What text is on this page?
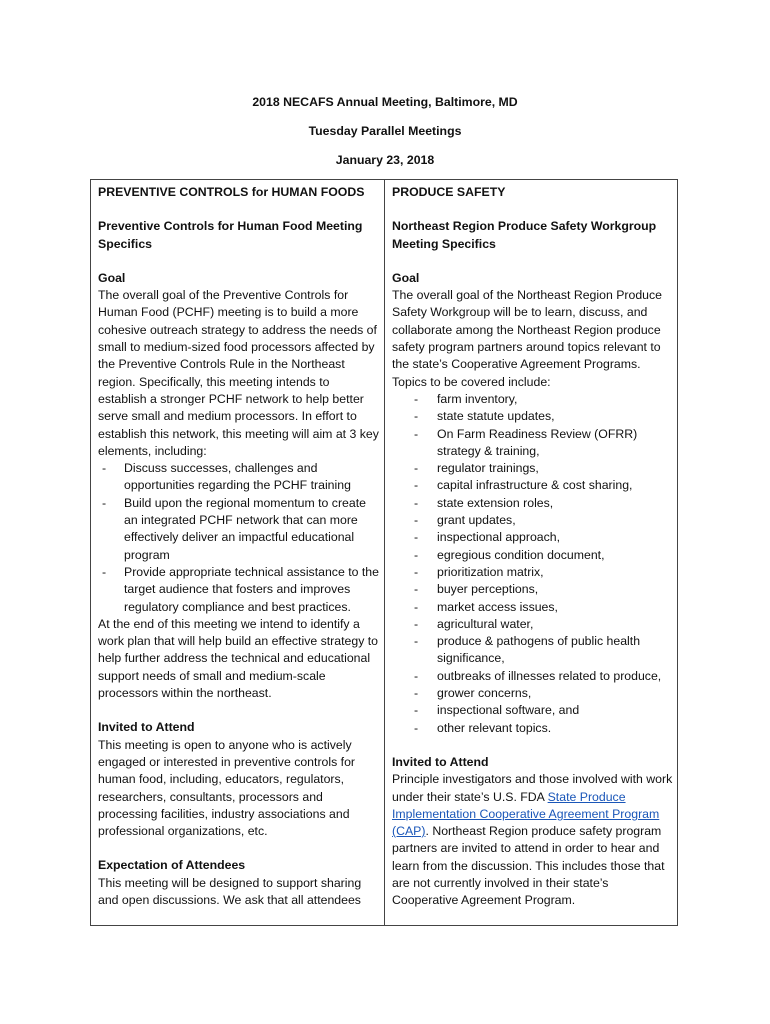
2018 NECAFS Annual Meeting, Baltimore, MD
Tuesday Parallel Meetings
January 23, 2018

PREVENTIVE CONTROLS for HUMAN FOODS

Preventive Controls for Human Food Meeting Specifics

Goal

The overall goal of the Preventive Controls for Human Food (PCHF) meeting is to build a more cohesive outreach strategy to address the needs of small to medium-sized food processors affected by the Preventive Controls Rule in the Northeast region. Specifically, this meeting intends to establish a stronger PCHF network to help better serve small and medium processors. In effort to establish this network, this meeting will aim at 3 key elements, including:

- Discuss successes, challenges and opportunities regarding the PCHF training
- Build upon the regional momentum to create an integrated PCHF network that can more effectively deliver an impactful educational program
- Provide appropriate technical assistance to the target audience that fosters and improves regulatory compliance and best practices.

At the end of this meeting we intend to identify a work plan that will help build an effective strategy to help further address the technical and educational support needs of small and medium-scale processors within the northeast.

Invited to Attend

This meeting is open to anyone who is actively engaged or interested in preventive controls for human food, including, educators, regulators, researchers, consultants, processors and processing facilities, industry associations and professional organizations, etc.

Expectation of Attendees

This meeting will be designed to support sharing and open discussions. We ask that all attendees

PRODUCE SAFETY

Northeast Region Produce Safety Workgroup Meeting Specifics

Goal

The overall goal of the Northeast Region Produce Safety Workgroup will be to learn, discuss, and collaborate among the Northeast Region produce safety program partners around topics relevant to the state’s Cooperative Agreement Programs. Topics to be covered include:

- farm inventory,
- state statute updates,
- On Farm Readiness Review (OFRR) strategy & training,
- regulator trainings,
- capital infrastructure & cost sharing,
- state extension roles,
- grant updates,
- inspectional approach,
- egregious condition document,
- prioritization matrix,
- buyer perceptions,
- market access issues,
- agricultural water,
- produce & pathogens of public health significance,
- outbreaks of illnesses related to produce,
- grower concerns,
- inspectional software, and
- other relevant topics.

Invited to Attend

Principle investigators and those involved with work under their state’s U.S. FDA State Produce Implementation Cooperative Agreement Program (CAP). Northeast Region produce safety program partners are invited to attend in order to hear and learn from the discussion. This includes those that are not currently involved in their state’s Cooperative Agreement Program.
